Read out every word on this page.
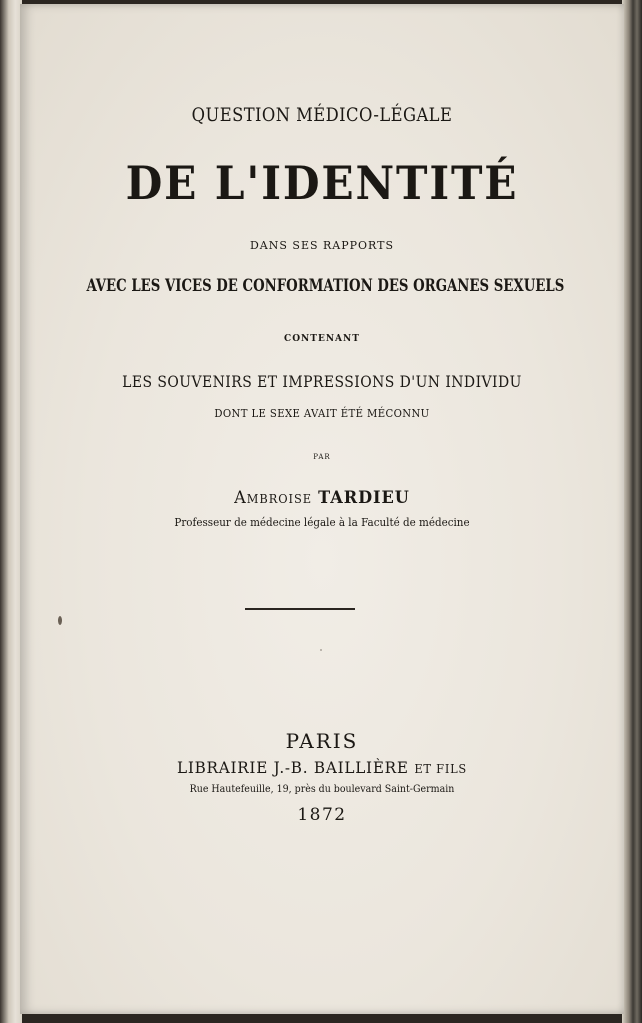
QUESTION MÉDICO-LÉGALE

DE L'IDENTITÉ

DANS SES RAPPORTS

AVEC LES VICES DE CONFORMATION DES ORGANES SEXUELS

CONTENANT

LES SOUVENIRS ET IMPRESSIONS D'UN INDIVIDU

DONT LE SEXE AVAIT ÉTÉ MÉCONNU

PAR

Ambroise TARDIEU

Professeur de médecine légale à la Faculté de médecine

PARIS

LIBRAIRIE J.-B. BAILLIÈRE ET FILS

Rue Hautefeuille, 19, près du boulevard Saint-Germain

1872
